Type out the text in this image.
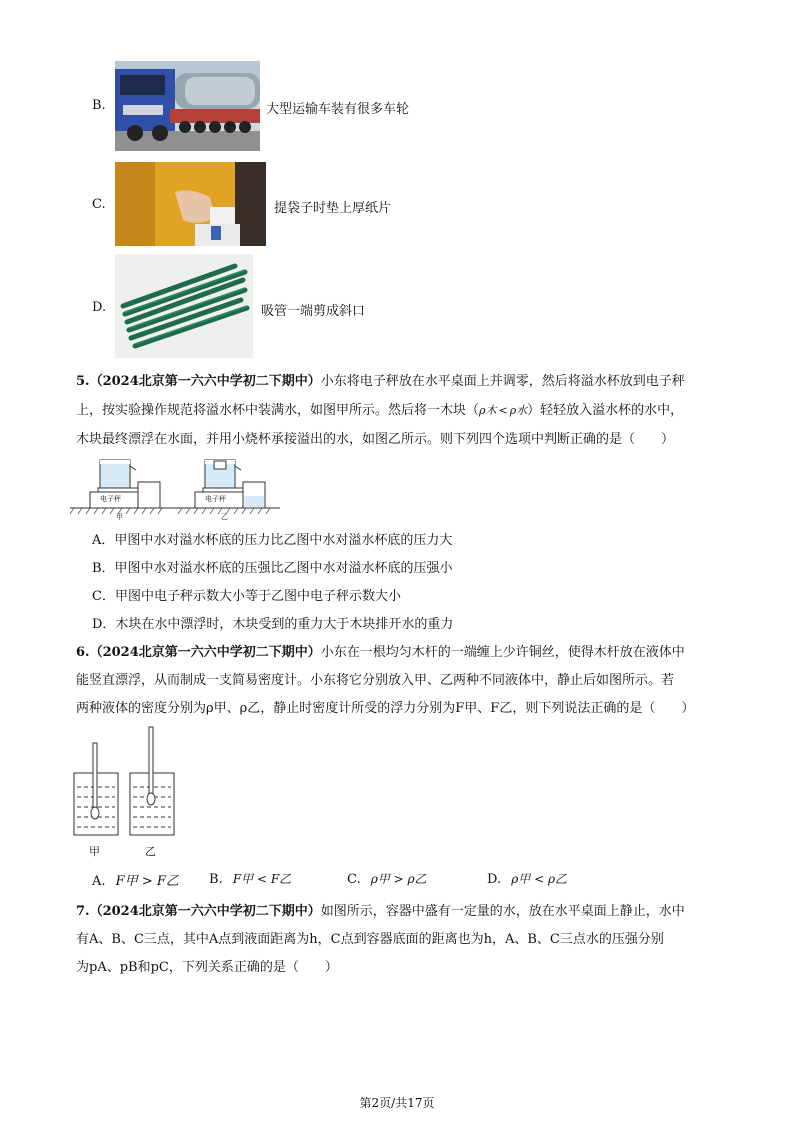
B.	大型运输车装有很多车轮
C.	提袋子时垫上厚纸片
D.	吸管一端剪成斜口
5.（2024北京第一六六中学初二下期中）小东将电子秤放在水平桌面上并调零，然后将溢水杯放到电子秤
上，按实验操作规范将溢水杯中装满水，如图甲所示。然后将一木块（ρ木 < ρ水）轻轻放入溢水杯的水中，
木块最终漂浮在水面，并用小烧杯承接溢出的水，如图乙所示。则下列四个选项中判断正确的是（　　）
电子秤	电子秤
甲	乙
A．甲图中水对溢水杯底的压力比乙图中水对溢水杯底的压力大
B．甲图中水对溢水杯底的压强比乙图中水对溢水杯底的压强小
C．甲图中电子秤示数大小等于乙图中电子秤示数大小
D．木块在水中漂浮时，木块受到的重力大于木块排开水的重力
6.（2024北京第一六六中学初二下期中）小东在一根均匀木杆的一端缠上少许铜丝，使得木杆放在液体中
能竖直漂浮，从而制成一支简易密度计。小东将它分别放入甲、乙两种不同液体中，静止后如图所示。若
两种液体的密度分别为ρ甲、ρ乙，静止时密度计所受的浮力分别为F甲、F乙，则下列说法正确的是（　　）
甲	乙
A. F甲 > F乙 B. F甲 < F乙	C. ρ甲 > ρ乙	D. ρ甲 < ρ乙
7.（2024北京第一六六中学初二下期中）如图所示，容器中盛有一定量的水，放在水平桌面上静止，水中
有A、B、C三点，其中A点到液面距离为h，C点到容器底面的距离也为h，A、B、C三点水的压强分别
为pA、pB和pC，下列关系正确的是（　　）
第2页/共17页
